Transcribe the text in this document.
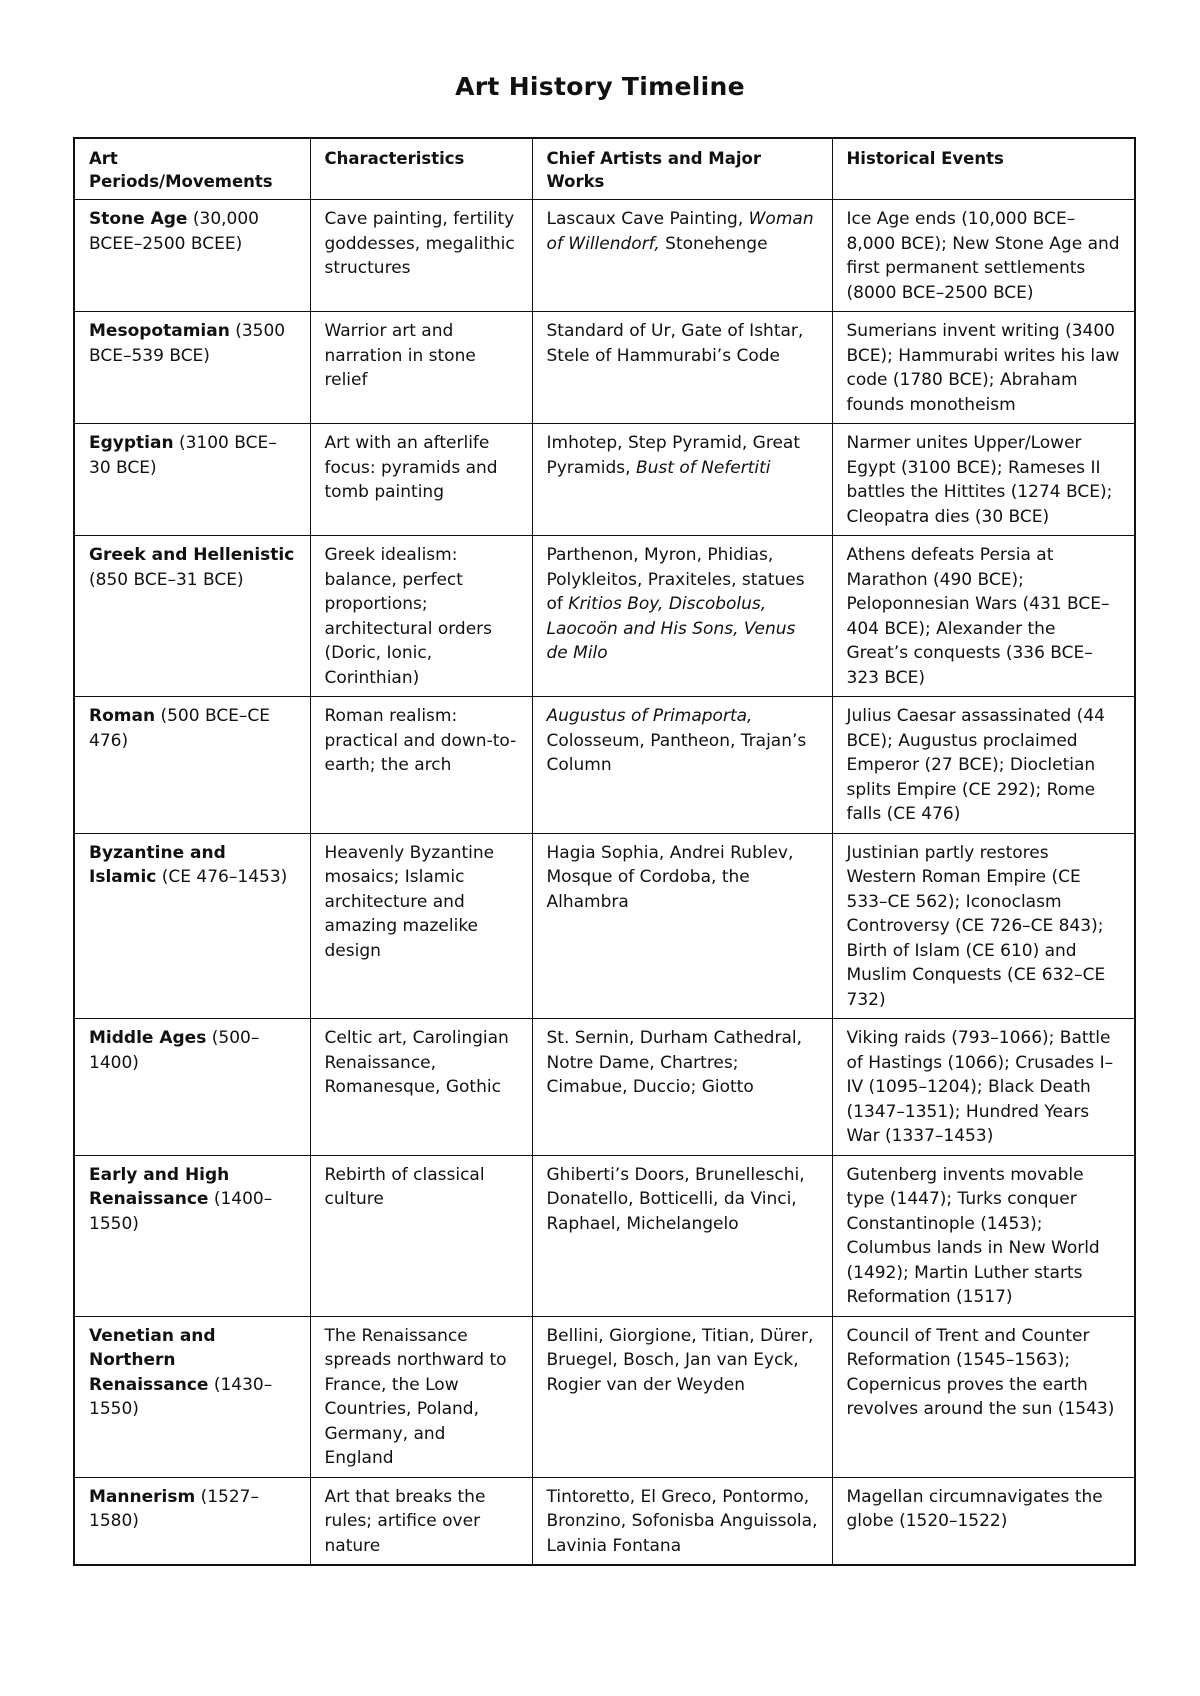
Art History Timeline
Art Periods/Movements	Characteristics	Chief Artists and Major Works	Historical Events
Stone Age (30,000 BCEE–2500 BCEE)	Cave painting, fertility goddesses, megalithic structures	Lascaux Cave Painting, Woman of Willendorf, Stonehenge	Ice Age ends (10,000 BCE–8,000 BCE); New Stone Age and first permanent settlements (8000 BCE–2500 BCE)
Mesopotamian (3500 BCE–539 BCE)	Warrior art and narration in stone relief	Standard of Ur, Gate of Ishtar, Stele of Hammurabi’s Code	Sumerians invent writing (3400 BCE); Hammurabi writes his law code (1780 BCE); Abraham founds monotheism
Egyptian (3100 BCE–30 BCE)	Art with an afterlife focus: pyramids and tomb painting	Imhotep, Step Pyramid, Great Pyramids, Bust of Nefertiti	Narmer unites Upper/Lower Egypt (3100 BCE); Rameses II battles the Hittites (1274 BCE); Cleopatra dies (30 BCE)
Greek and Hellenistic (850 BCE–31 BCE)	Greek idealism: balance, perfect proportions; architectural orders (Doric, Ionic, Corinthian)	Parthenon, Myron, Phidias, Polykleitos, Praxiteles, statues of Kritios Boy, Discobolus, Laocoön and His Sons, Venus de Milo	Athens defeats Persia at Marathon (490 BCE); Peloponnesian Wars (431 BCE–404 BCE); Alexander the Great’s conquests (336 BCE–323 BCE)
Roman (500 BCE–CE 476)	Roman realism: practical and down-to-earth; the arch	Augustus of Primaporta, Colosseum, Pantheon, Trajan’s Column	Julius Caesar assassinated (44 BCE); Augustus proclaimed Emperor (27 BCE); Diocletian splits Empire (CE 292); Rome falls (CE 476)
Byzantine and Islamic (CE 476–1453)	Heavenly Byzantine mosaics; Islamic architecture and amazing mazelike design	Hagia Sophia, Andrei Rublev, Mosque of Cordoba, the Alhambra	Justinian partly restores Western Roman Empire (CE 533–CE 562); Iconoclasm Controversy (CE 726–CE 843); Birth of Islam (CE 610) and Muslim Conquests (CE 632–CE 732)
Middle Ages (500–1400)	Celtic art, Carolingian Renaissance, Romanesque, Gothic	St. Sernin, Durham Cathedral, Notre Dame, Chartres; Cimabue, Duccio; Giotto	Viking raids (793–1066); Battle of Hastings (1066); Crusades I–IV (1095–1204); Black Death (1347–1351); Hundred Years War (1337–1453)
Early and High Renaissance (1400–1550)	Rebirth of classical culture	Ghiberti’s Doors, Brunelleschi, Donatello, Botticelli, da Vinci, Raphael, Michelangelo	Gutenberg invents movable type (1447); Turks conquer Constantinople (1453); Columbus lands in New World (1492); Martin Luther starts Reformation (1517)
Venetian and Northern Renaissance (1430–1550)	The Renaissance spreads northward to France, the Low Countries, Poland, Germany, and England	Bellini, Giorgione, Titian, Dürer, Bruegel, Bosch, Jan van Eyck, Rogier van der Weyden	Council of Trent and Counter Reformation (1545–1563); Copernicus proves the earth revolves around the sun (1543)
Mannerism (1527–1580)	Art that breaks the rules; artifice over nature	Tintoretto, El Greco, Pontormo, Bronzino, Sofonisba Anguissola, Lavinia Fontana	Magellan circumnavigates the globe (1520–1522)
